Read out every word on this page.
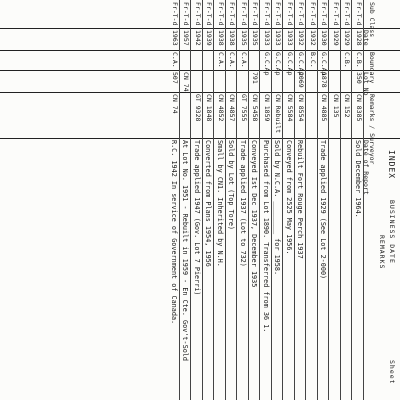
INDEX
BUSINESS DATE
Sheet
REMARKS
Sub Class
Date
Boundary
Lot No
Remarks / Surveyor
Date of Report
Fr-T-d
1928
C.B.
350
CN 8385
Sold December 1964.
Fr-T-d
1929
C.B.
CN 152
Fr-T-d
1929
CN 135
Fr-T-d
1930
G.C.Ap
1878
CN 4885
Trade applied 1929 (See Lot 2-000)
Fr-T-d
1932
B.C.
Fr-T-d
1932
G.C.Ap
2069
CN 8554
Rebuilt Fort Rouge Perch 1937
Fr-T-d
1933
G.C.Ap
CN 5584
Conveyed from 2525 May 1956.
Fr-T-d
1933
G.C.Ap
CN Rebuilt
Sold by N.C.A. ________ for 1958.
Fr-T-d
1933
G.C.Ap
CN 1859
Purchased from Lot 1890. Transferred from 36 1.
Fr-T-d
1935
791
CN 5458
Conveyed Ist Dec 1937, December 1935
Fr-T-d
1935
C.A.
GT 7555
Trade applied 1937 (Lot to 732)
Fr-T-d
1938
C.A.
CN 4857
Sold by Lot (Top Tore)
Fr-T-d
1938
C.A.
CN 4852
Small by CN1. Inherited by N.H.
Fr-T-d
1939
CN 1848
Converted from Plans 1954, 1956
Fr-T-d
1942
GT 9328
Trade applied 1947 (Gov. Lot 7 Pierri)
Fr-T-d
1957
CN 74
At Lot No. 1951 - Rebuilt in 1959 - En Cte. Gov't-Sold
Fr-T-d
1963
C.A.
507
CN 74
R.C. 1942 In service of Government of Canada.
